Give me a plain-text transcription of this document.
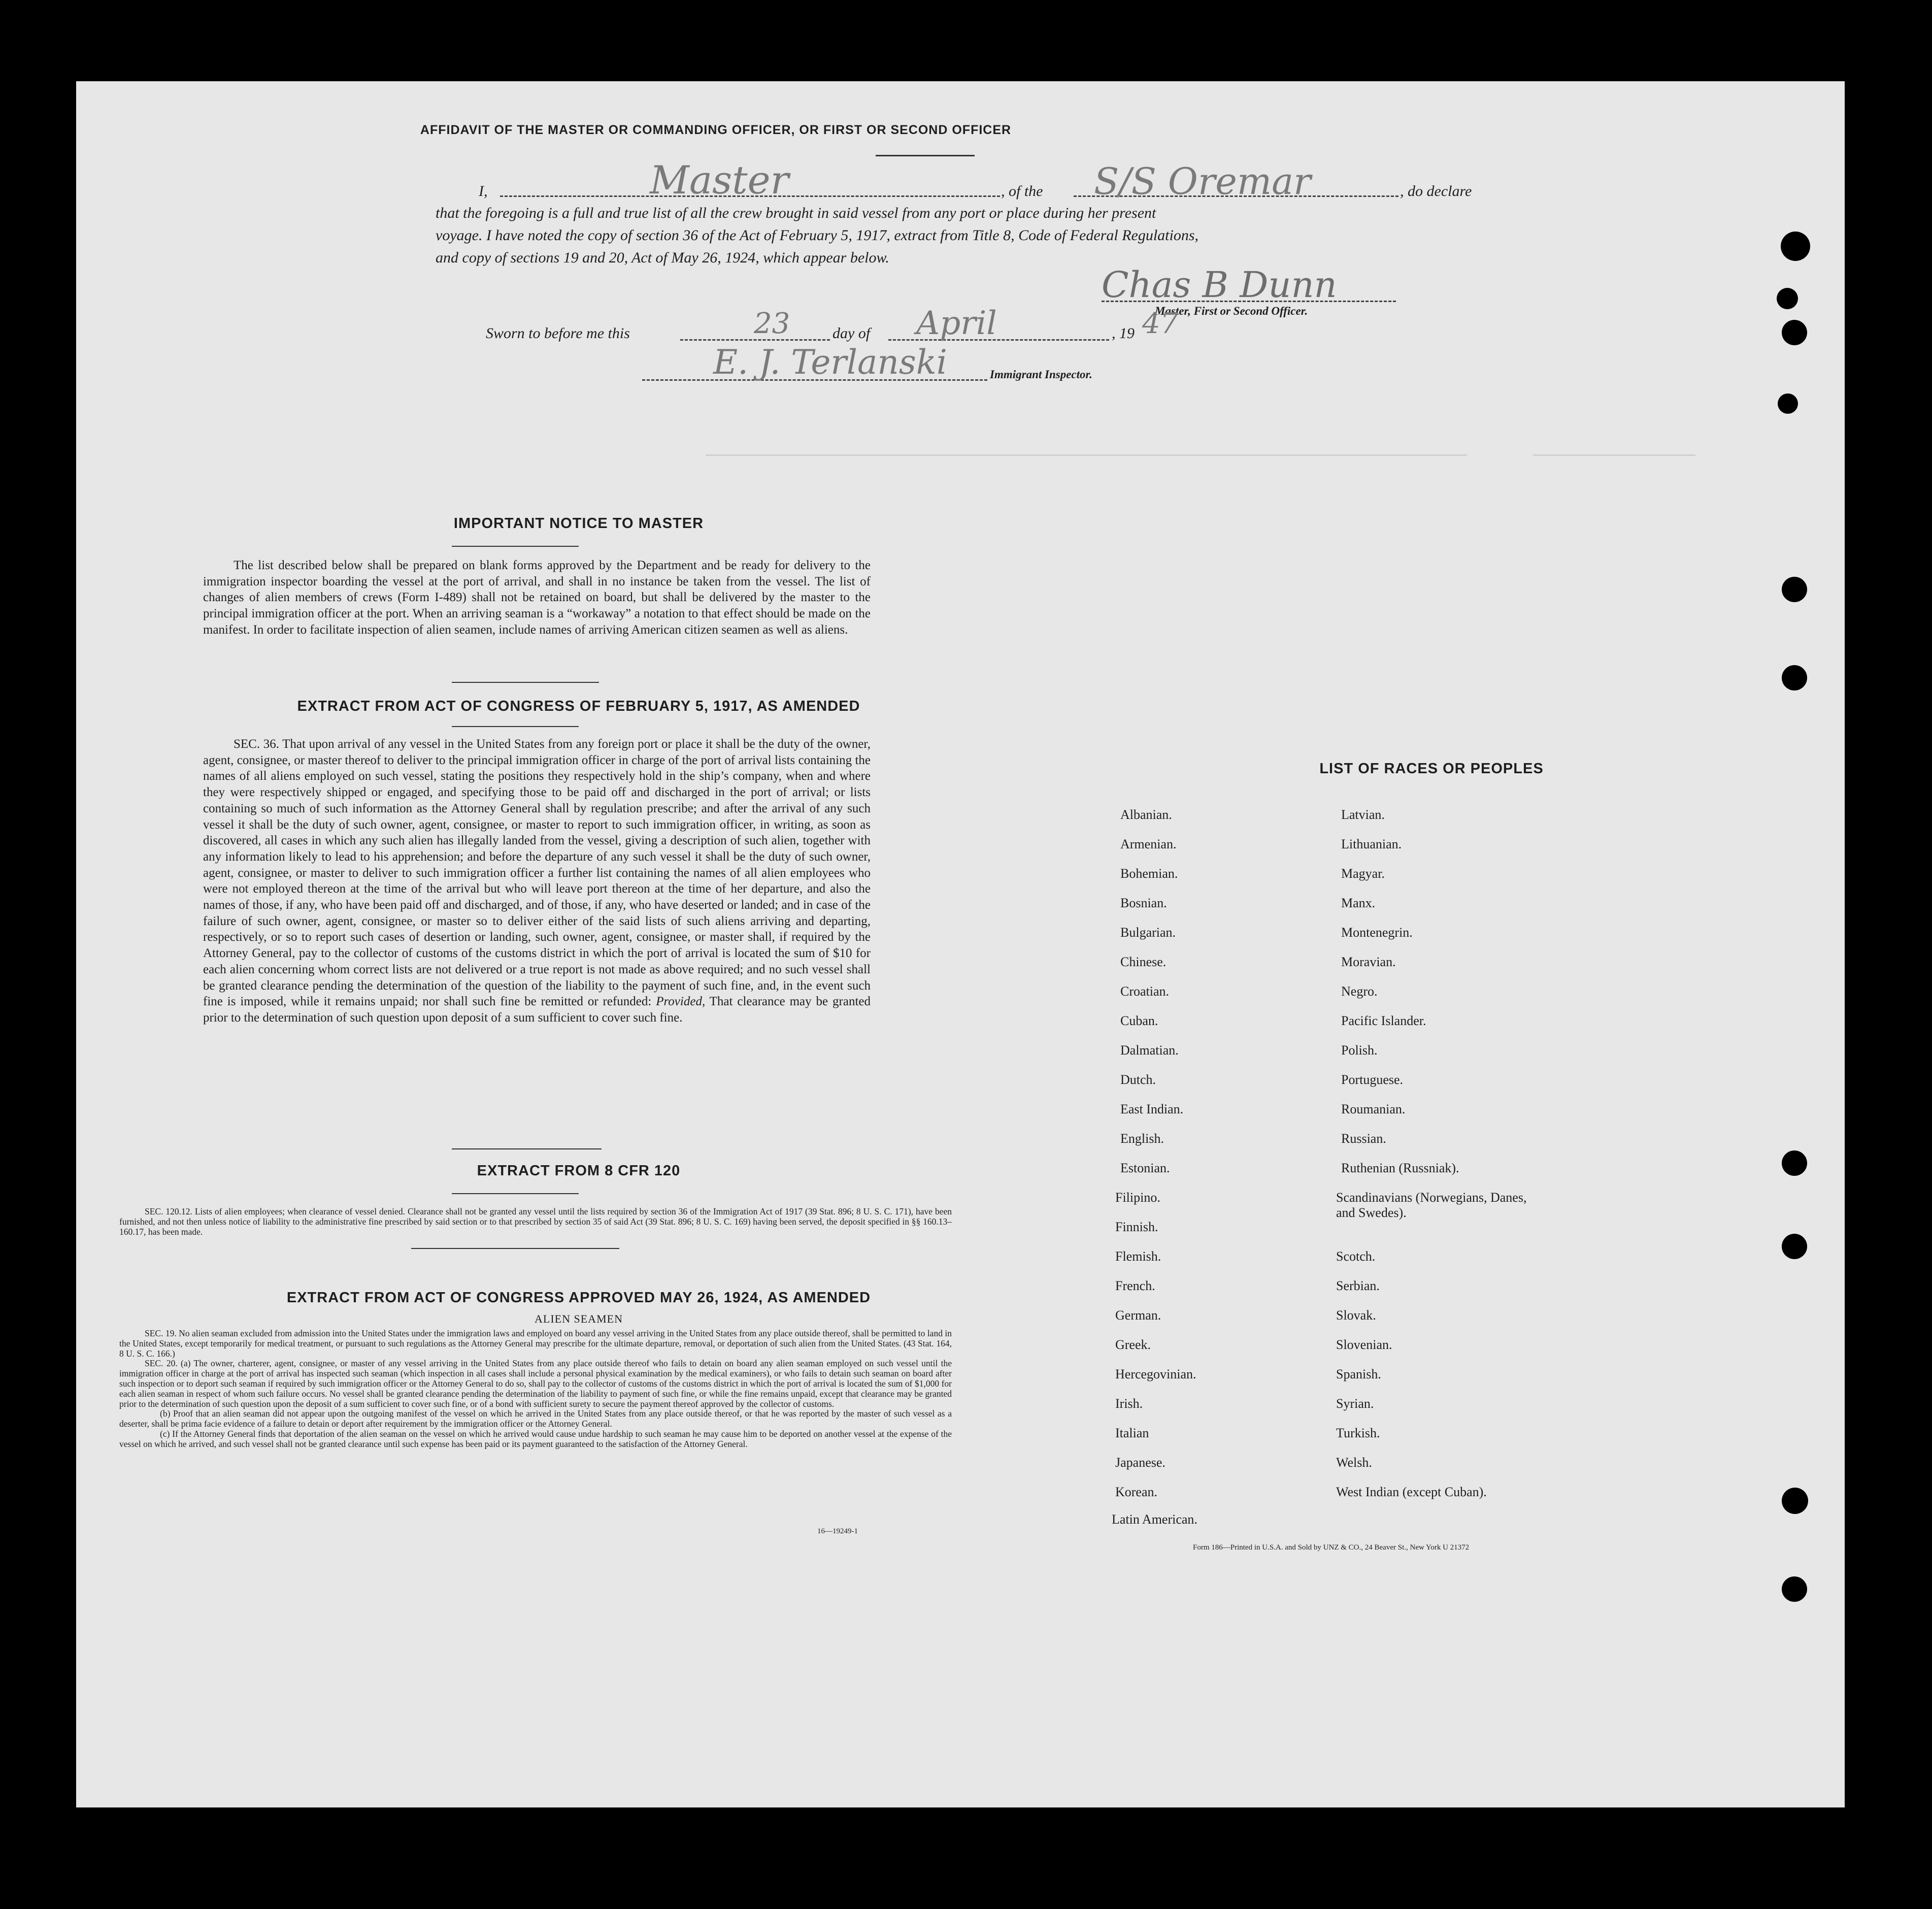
AFFIDAVIT OF THE MASTER OR COMMANDING OFFICER, OR FIRST OR SECOND OFFICER
I,	Master	, of the S/S Oremar	, do declare
that the foregoing is a full and true list of all the crew brought in said vessel from any port or place during her present
voyage. I have noted the copy of section 36 of the Act of February 5, 1917, extract from Title 8, Code of Federal Regulations,
and copy of sections 19 and 20, Act of May 26, 1924, which appear below.
Chas B Dunn
Master, First or Second Officer.
Sworn to before me this	23	day of April	, 19 47
E. J. Terlanski	Immigrant Inspector.
IMPORTANT NOTICE TO MASTER

The list described below shall be prepared on blank forms approved by the Department and be ready for delivery to the immigration inspector boarding the vessel at the port of arrival, and shall in no instance be taken from the vessel. The list of changes of alien members of crews (Form I-489) shall not be retained on board, but shall be delivered by the master to the principal immigration officer at the port. When an arriving seaman is a “workaway” a notation to that effect should be made on the manifest. In order to facilitate inspection of alien seamen, include names of arriving American citizen seamen as well as aliens.

EXTRACT FROM ACT OF CONGRESS OF FEBRUARY 5, 1917, AS AMENDED

SEC. 36. That upon arrival of any vessel in the United States from any foreign port or place it shall be the duty of the owner, agent, consignee, or master thereof to deliver to the principal immigration officer in charge of the port of arrival lists containing the names of all aliens employed on such vessel, stating the positions they respectively hold in the ship’s company, when and where they were respectively shipped or engaged, and specifying those to be paid off and discharged in the port of arrival; or lists containing so much of such information as the Attorney General shall by regulation prescribe; and after the arrival of any such vessel it shall be the duty of such owner, agent, consignee, or master to report to such immigration officer, in writing, as soon as discovered, all cases in which any such alien has illegally landed from the vessel, giving a description of such alien, together with any information likely to lead to his apprehension; and before the departure of any such vessel it shall be the duty of such owner, agent, consignee, or master to deliver to such immigration officer a further list containing the names of all alien employees who were not employed thereon at the time of the arrival but who will leave port thereon at the time of her departure, and also the names of those, if any, who have been paid off and discharged, and of those, if any, who have deserted or landed; and in case of the failure of such owner, agent, consignee, or master so to deliver either of the said lists of such aliens arriving and departing, respectively, or so to report such cases of desertion or landing, such owner, agent, consignee, or master shall, if required by the Attorney General, pay to the collector of customs of the customs district in which the port of arrival is located the sum of $10 for each alien concerning whom correct lists are not delivered or a true report is not made as above required; and no such vessel shall be granted clearance pending the determination of the question of the liability to the payment of such fine, and, in the event such fine is imposed, while it remains unpaid; nor shall such fine be remitted or refunded: Provided, That clearance may be granted prior to the determination of such question upon deposit of a sum sufficient to cover such fine.

EXTRACT FROM 8 CFR 120

SEC. 120.12. Lists of alien employees; when clearance of vessel denied. Clearance shall not be granted any vessel until the lists required by section 36 of the Immigration Act of 1917 (39 Stat. 896; 8 U. S. C. 171), have been furnished, and not then unless notice of liability to the administrative fine prescribed by said section or to that prescribed by section 35 of said Act (39 Stat. 896; 8 U. S. C. 169) having been served, the deposit specified in §§ 160.13–160.17, has been made.

EXTRACT FROM ACT OF CONGRESS APPROVED MAY 26, 1924, AS AMENDED
ALIEN SEAMEN

SEC. 19. No alien seaman excluded from admission into the United States under the immigration laws and employed on board any vessel arriving in the United States from any place outside thereof, shall be permitted to land in the United States, except temporarily for medical treatment, or pursuant to such regulations as the Attorney General may prescribe for the ultimate departure, removal, or deportation of such alien from the United States. (43 Stat. 164, 8 U. S. C. 166.)

SEC. 20. (a) The owner, charterer, agent, consignee, or master of any vessel arriving in the United States from any place outside thereof who fails to detain on board any alien seaman employed on such vessel until the immigration officer in charge at the port of arrival has inspected such seaman (which inspection in all cases shall include a personal physical examination by the medical examiners), or who fails to detain such seaman on board after such inspection or to deport such seaman if required by such immigration officer or the Attorney General to do so, shall pay to the collector of customs of the customs district in which the port of arrival is located the sum of $1,000 for each alien seaman in respect of whom such failure occurs. No vessel shall be granted clearance pending the determination of the liability to payment of such fine, or while the fine remains unpaid, except that clearance may be granted prior to the determination of such question upon the deposit of a sum sufficient to cover such fine, or of a bond with sufficient surety to secure the payment thereof approved by the collector of customs.

(b) Proof that an alien seaman did not appear upon the outgoing manifest of the vessel on which he arrived in the United States from any place outside thereof, or that he was reported by the master of such vessel as a deserter, shall be prima facie evidence of a failure to detain or deport after requirement by the immigration officer or the Attorney General.

(c) If the Attorney General finds that deportation of the alien seaman on the vessel on which he arrived would cause undue hardship to such seaman he may cause him to be deported on another vessel at the expense of the vessel on which he arrived, and such vessel shall not be granted clearance until such expense has been paid or its payment guaranteed to the satisfaction of the Attorney General.

16—19249-1
LIST OF RACES OR PEOPLES
Albanian.
Armenian.
Bohemian.
Bosnian.
Bulgarian.
Chinese.
Croatian.
Cuban.
Dalmatian.
Dutch.
East Indian.
English.
Estonian.
Filipino.
Finnish.
Flemish.
French.
German.
Greek.
Hercegovinian.
Irish.
Italian
Japanese.
Korean.
Latin American.
Latvian.
Lithuanian.
Magyar.
Manx.
Montenegrin.
Moravian.
Negro.
Pacific Islander.
Polish.
Portuguese.
Roumanian.
Russian.
Ruthenian (Russniak).
Scandinavians (Norwegians, Danes, and Swedes).
Scotch.
Serbian.
Slovak.
Slovenian.
Spanish.
Syrian.
Turkish.
Welsh.
West Indian (except Cuban).
Form 186—Printed in U.S.A. and Sold by UNZ & CO., 24 Beaver St., New York U 21372
